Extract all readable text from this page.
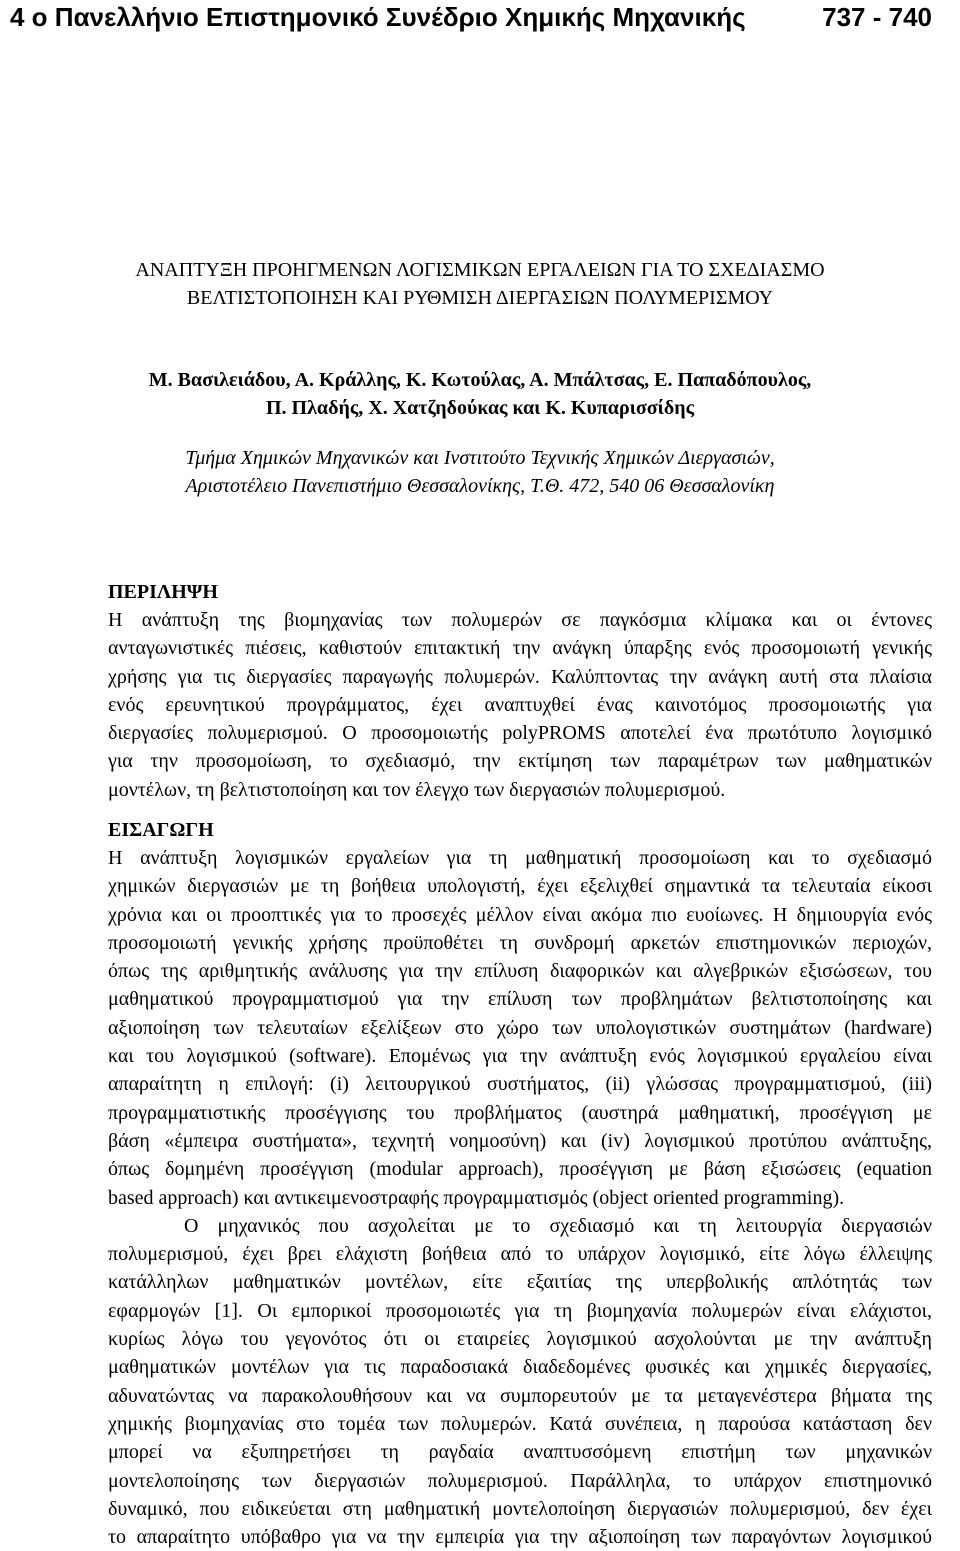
4 ο Πανελλήνιο Επιστημονικό Συνέδριο Χημικής Μηχανικής	737 - 740
ΑΝΑΠΤΥΞΗ ΠΡΟΗΓΜΕΝΩΝ ΛΟΓΙΣΜΙΚΩΝ ΕΡΓΑΛΕΙΩΝ ΓΙΑ ΤΟ ΣΧΕΔΙΑΣΜΟ
ΒΕΛΤΙΣΤΟΠΟΙΗΣΗ ΚΑΙ ΡΥΘΜΙΣΗ ΔΙΕΡΓΑΣΙΩΝ ΠΟΛΥΜΕΡΙΣΜΟΥ
Μ. Βασιλειάδου, Α. Κράλλης, Κ. Κωτούλας, Α. Μπάλτσας, Ε. Παπαδόπουλος,
Π. Πλαδής, Χ. Χατζηδούκας και Κ. Κυπαρισσίδης
Τμήμα Χημικών Μηχανικών και Ινστιτούτο Τεχνικής Χημικών Διεργασιών,
Αριστοτέλειο Πανεπιστήμιο Θεσσαλονίκης, Τ.Θ. 472, 540 06 Θεσσαλονίκη
ΠΕΡΙΛΗΨΗ
Η ανάπτυξη της βιομηχανίας των πολυμερών σε παγκόσμια κλίμακα και οι έντονες
ανταγωνιστικές πιέσεις, καθιστούν επιτακτική την ανάγκη ύπαρξης ενός προσομοιωτή γενικής
χρήσης για τις διεργασίες παραγωγής πολυμερών. Καλύπτοντας την ανάγκη αυτή στα πλαίσια
ενός ερευνητικού προγράμματος, έχει αναπτυχθεί ένας καινοτόμος προσομοιωτής για
διεργασίες πολυμερισμού. Ο προσομοιωτής polyPROMS αποτελεί ένα πρωτότυπο λογισμικό
για την προσομοίωση, το σχεδιασμό, την εκτίμηση των παραμέτρων των μαθηματικών
μοντέλων, τη βελτιστοποίηση και τον έλεγχο των διεργασιών πολυμερισμού.
ΕΙΣΑΓΩΓΗ
Η ανάπτυξη λογισμικών εργαλείων για τη μαθηματική προσομοίωση και το σχεδιασμό
χημικών διεργασιών με τη βοήθεια υπολογιστή, έχει εξελιχθεί σημαντικά τα τελευταία είκοσι
χρόνια και οι προοπτικές για το προσεχές μέλλον είναι ακόμα πιο ευοίωνες. Η δημιουργία ενός
προσομοιωτή γενικής χρήσης προϋποθέτει τη συνδρομή αρκετών επιστημονικών περιοχών,
όπως της αριθμητικής ανάλυσης για την επίλυση διαφορικών και αλγεβρικών εξισώσεων, του
μαθηματικού προγραμματισμού για την επίλυση των προβλημάτων βελτιστοποίησης και
αξιοποίηση των τελευταίων εξελίξεων στο χώρο των υπολογιστικών συστημάτων (hardware)
και του λογισμικού (software). Επομένως για την ανάπτυξη ενός λογισμικού εργαλείου είναι
απαραίτητη η επιλογή: (i) λειτουργικού συστήματος, (ii) γλώσσας προγραμματισμού, (iii)
προγραμματιστικής προσέγγισης του προβλήματος (αυστηρά μαθηματική, προσέγγιση με
βάση «έμπειρα συστήματα», τεχνητή νοημοσύνη) και (iv) λογισμικού προτύπου ανάπτυξης,
όπως δομημένη προσέγγιση (modular approach), προσέγγιση με βάση εξισώσεις (equation
based approach) και αντικειμενοστραφής προγραμματισμός (object oriented programming).
Ο μηχανικός που ασχολείται με το σχεδιασμό και τη λειτουργία διεργασιών
πολυμερισμού, έχει βρει ελάχιστη βοήθεια από το υπάρχον λογισμικό, είτε λόγω έλλειψης
κατάλληλων μαθηματικών μοντέλων, είτε εξαιτίας της υπερβολικής απλότητάς των
εφαρμογών [1]. Οι εμπορικοί προσομοιωτές για τη βιομηχανία πολυμερών είναι ελάχιστοι,
κυρίως λόγω του γεγονότος ότι οι εταιρείες λογισμικού ασχολούνται με την ανάπτυξη
μαθηματικών μοντέλων για τις παραδοσιακά διαδεδομένες φυσικές και χημικές διεργασίες,
αδυνατώντας να παρακολουθήσουν και να συμπορευτούν με τα μεταγενέστερα βήματα της
χημικής βιομηχανίας στο τομέα των πολυμερών. Κατά συνέπεια, η παρούσα κατάσταση δεν
μπορεί να εξυπηρετήσει τη ραγδαία αναπτυσσόμενη επιστήμη των μηχανικών
μοντελοποίησης των διεργασιών πολυμερισμού. Παράλληλα, το υπάρχον επιστημονικό
δυναμικό, που ειδικεύεται στη μαθηματική μοντελοποίηση διεργασιών πολυμερισμού, δεν έχει
το απαραίτητο υπόβαθρο για να την εμπειρία για την αξιοποίηση των παραγόντων λογισμικού
